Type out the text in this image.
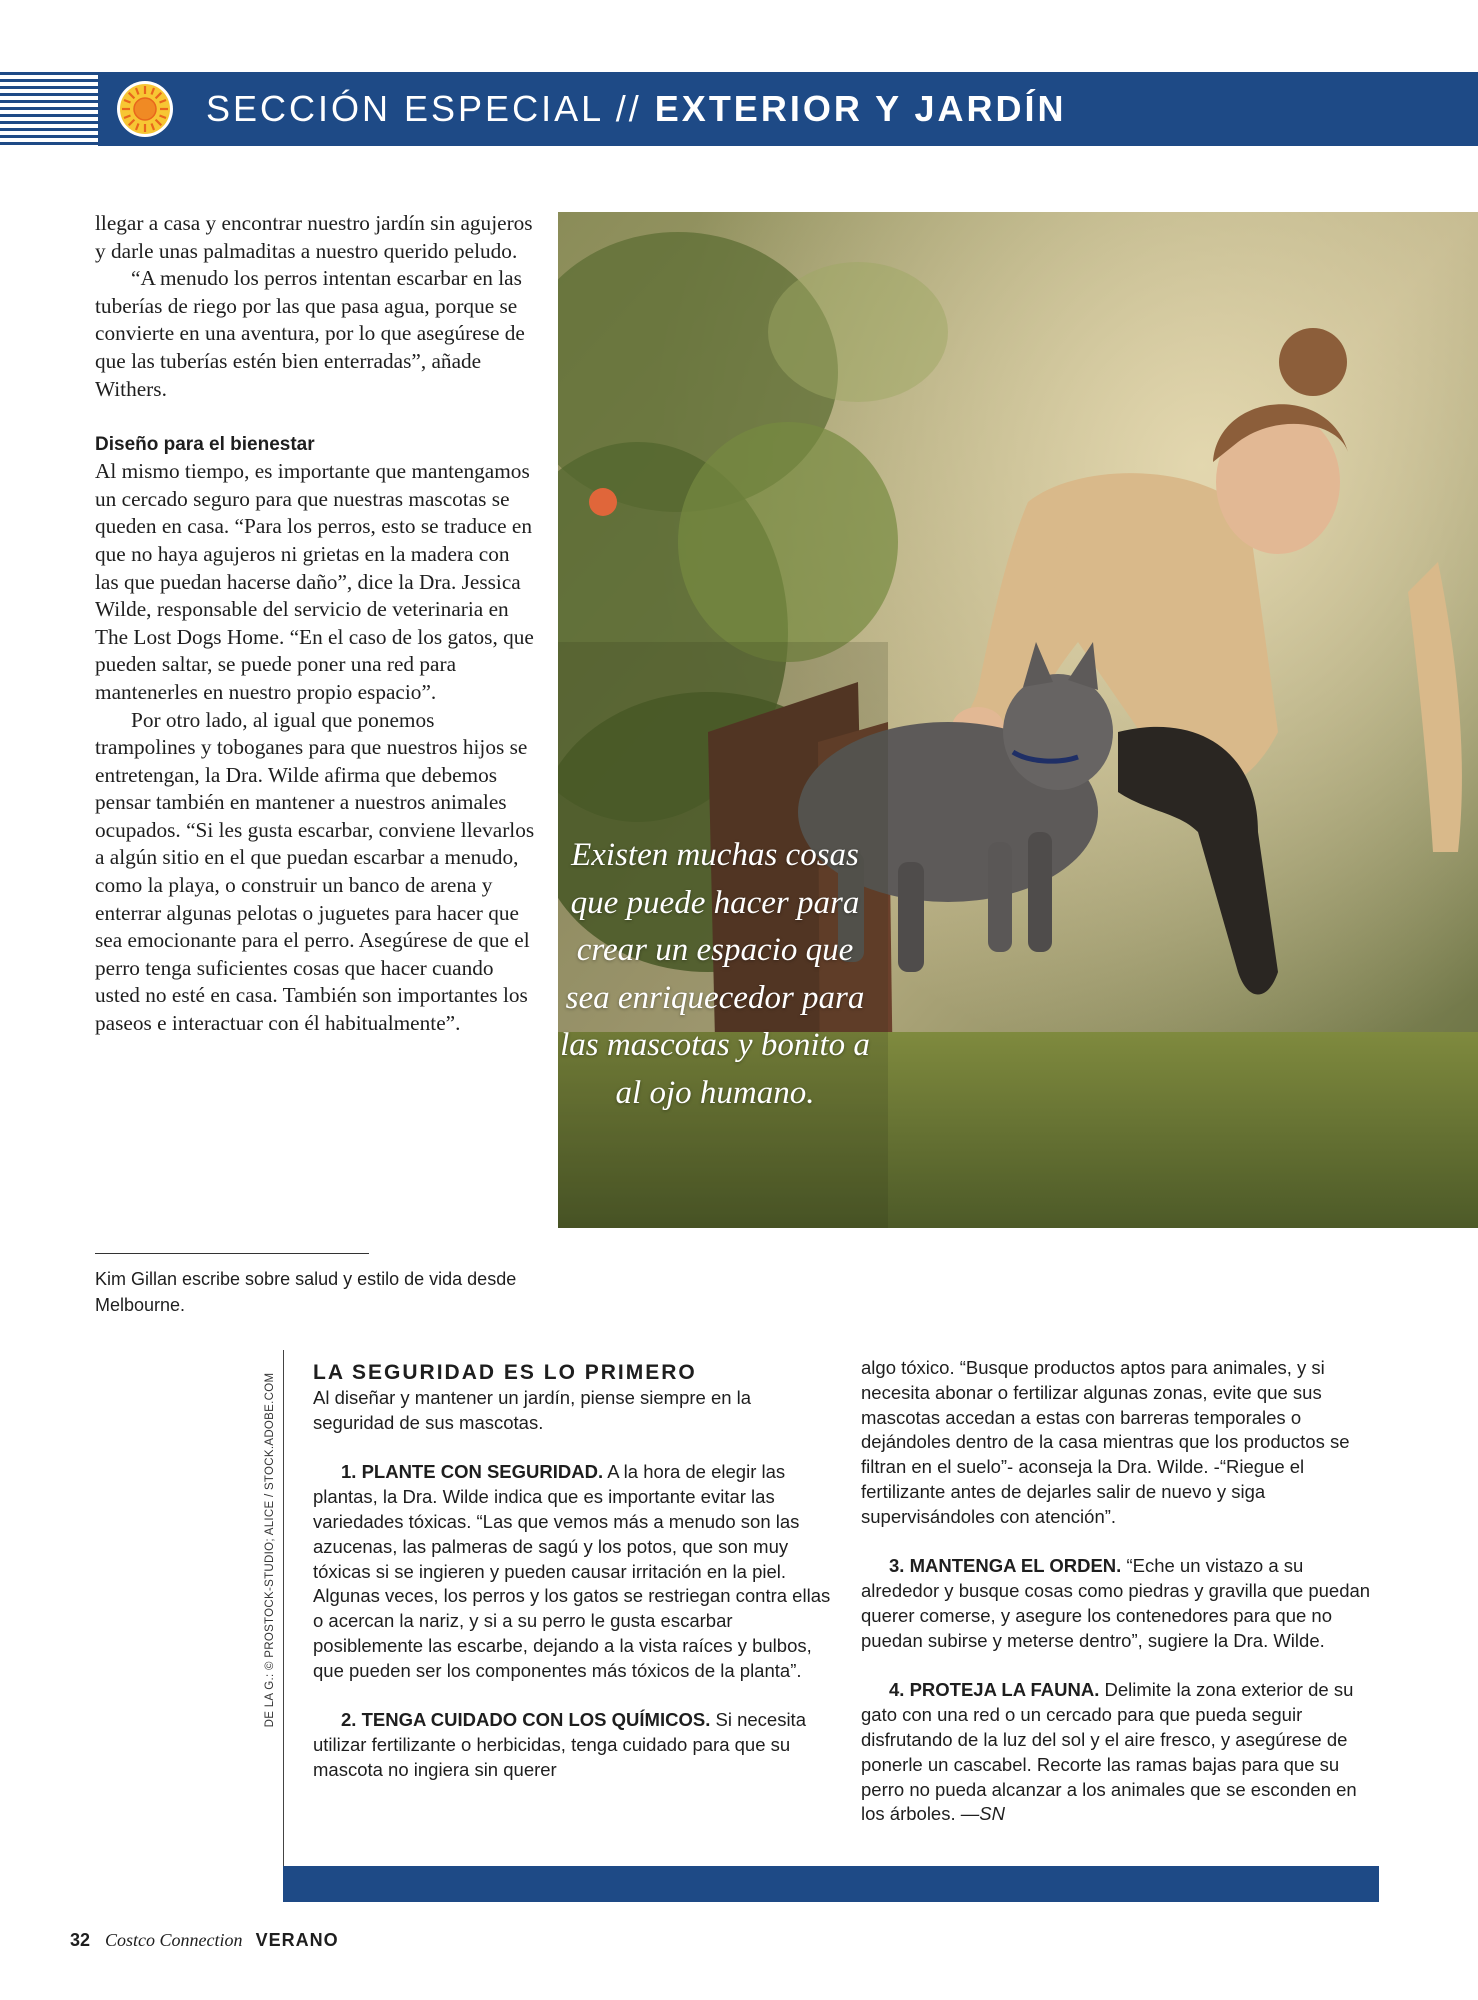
SECCIÓN ESPECIAL // EXTERIOR Y JARDÍN

llegar a casa y encontrar nuestro jardín sin agujeros y darle unas palmaditas a nuestro querido peludo.

“A menudo los perros intentan escarbar en las tuberías de riego por las que pasa agua, porque se convierte en una aventura, por lo que asegúrese de que las tuberías estén bien enterradas”, añade Withers.

Diseño para el bienestar

Al mismo tiempo, es importante que mantengamos un cercado seguro para que nuestras mascotas se queden en casa. “Para los perros, esto se traduce en que no haya agujeros ni grietas en la madera con las que puedan hacerse daño”, dice la Dra. Jessica Wilde, responsable del servicio de veterinaria en The Lost Dogs Home. “En el caso de los gatos, que pueden saltar, se puede poner una red para mantenerles en nuestro propio espacio”.

Por otro lado, al igual que ponemos trampolines y toboganes para que nuestros hijos se entretengan, la Dra. Wilde afirma que debemos pensar también en mantener a nuestros animales ocupados. “Si les gusta escarbar, conviene llevarlos a algún sitio en el que puedan escarbar a menudo, como la playa, o construir un banco de arena y enterrar algunas pelotas o juguetes para hacer que sea emocionante para el perro. Asegúrese de que el perro tenga suficientes cosas que hacer cuando usted no esté en casa. También son importantes los paseos e interactuar con él habitualmente”.

Kim Gillan escribe sobre salud y estilo de vida desde Melbourne.
Existen muchas cosas que puede hacer para crear un espacio que sea enriquecedor para las mascotas y bonito a al ojo humano.
DE LA G.: © PROSTOCK-STUDIO; ALICE / STOCK.ADOBE.COM

LA SEGURIDAD ES LO PRIMERO

Al diseñar y mantener un jardín, piense siempre en la seguridad de sus mascotas.

1. PLANTE CON SEGURIDAD. A la hora de elegir las plantas, la Dra. Wilde indica que es importante evitar las variedades tóxicas. “Las que vemos más a menudo son las azucenas, las palmeras de sagú y los potos, que son muy tóxicas si se ingieren y pueden causar irritación en la piel. Algunas veces, los perros y los gatos se restriegan contra ellas o acercan la nariz, y si a su perro le gusta escarbar posiblemente las escarbe, dejando a la vista raíces y bulbos, que pueden ser los componentes más tóxicos de la planta”.

2. TENGA CUIDADO CON LOS QUÍMICOS. Si necesita utilizar fertilizante o herbicidas, tenga cuidado para que su mascota no ingiera sin querer

algo tóxico. “Busque productos aptos para animales, y si necesita abonar o fertilizar algunas zonas, evite que sus mascotas accedan a estas con barreras temporales o dejándoles dentro de la casa mientras que los productos se filtran en el suelo”- aconseja la Dra. Wilde. -“Riegue el fertilizante antes de dejarles salir de nuevo y siga supervisándoles con atención”.

3. MANTENGA EL ORDEN. “Eche un vistazo a su alrededor y busque cosas como piedras y gravilla que puedan querer comerse, y asegure los contenedores para que no puedan subirse y meterse dentro”, sugiere la Dra. Wilde.

4. PROTEJA LA FAUNA. Delimite la zona exterior de su gato con una red o un cercado para que pueda seguir disfrutando de la luz del sol y el aire fresco, y asegúrese de ponerle un cascabel. Recorte las ramas bajas para que su perro no pueda alcanzar a los animales que se esconden en los árboles. —SN

32 Costco Connection VERANO
